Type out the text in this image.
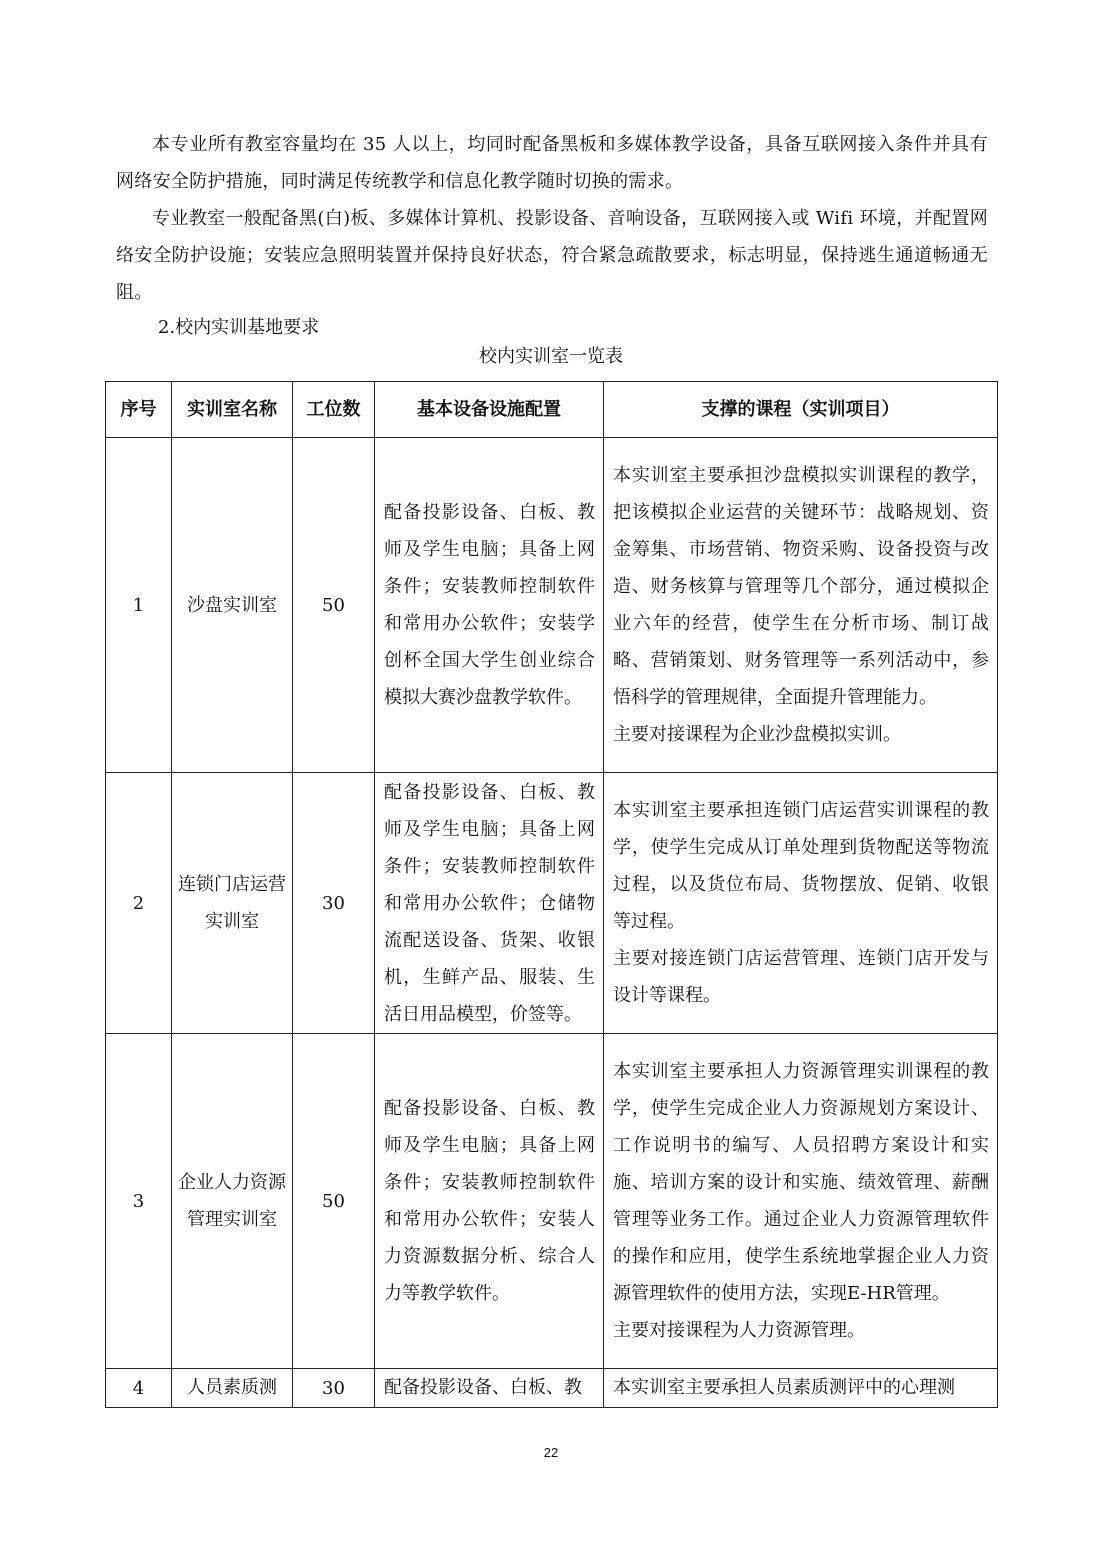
本专业所有教室容量均在 35 人以上，均同时配备黑板和多媒体教学设备，具备互联网接入条件并具有网络安全防护措施，同时满足传统教学和信息化教学随时切换的需求。

专业教室一般配备黑(白)板、多媒体计算机、投影设备、音响设备，互联网接入或 Wifi 环境，并配置网络安全防护设施；安装应急照明装置并保持良好状态，符合紧急疏散要求，标志明显，保持逃生通道畅通无阻。

2.校内实训基地要求

校内实训室一览表

序号	实训室名称	工位数	基本设备设施配置	支撑的课程（实训项目）
1	沙盘实训室	50	配备投影设备、白板、教师及学生电脑；具备上网条件；安装教师控制软件和常用办公软件；安装学创杯全国大学生创业综合模拟大赛沙盘教学软件。	本实训室主要承担沙盘模拟实训课程的教学，把该模拟企业运营的关键环节：战略规划、资金筹集、市场营销、物资采购、设备投资与改造、财务核算与管理等几个部分，通过模拟企业六年的经营，使学生在分析市场、制订战略、营销策划、财务管理等一系列活动中，参悟科学的管理规律，全面提升管理能力。
主要对接课程为企业沙盘模拟实训。

2	连锁门店运营实训室	30	配备投影设备、白板、教师及学生电脑；具备上网条件；安装教师控制软件和常用办公软件；仓储物流配送设备、货架、收银机，生鲜产品、服装、生活日用品模型，价签等。	本实训室主要承担连锁门店运营实训课程的教学，使学生完成从订单处理到货物配送等物流过程，以及货位布局、货物摆放、促销、收银等过程。
主要对接连锁门店运营管理、连锁门店开发与设计等课程。

3	企业人力资源管理实训室	50	配备投影设备、白板、教师及学生电脑；具备上网条件；安装教师控制软件和常用办公软件；安装人力资源数据分析、综合人力等教学软件。	本实训室主要承担人力资源管理实训课程的教学，使学生完成企业人力资源规划方案设计、工作说明书的编写、人员招聘方案设计和实施、培训方案的设计和实施、绩效管理、薪酬管理等业务工作。通过企业人力资源管理软件的操作和应用，使学生系统地掌握企业人力资源管理软件的使用方法，实现E-HR管理。
主要对接课程为人力资源管理。

4	人员素质测	30	配备投影设备、白板、教	本实训室主要承担人员素质测评中的心理测
22
